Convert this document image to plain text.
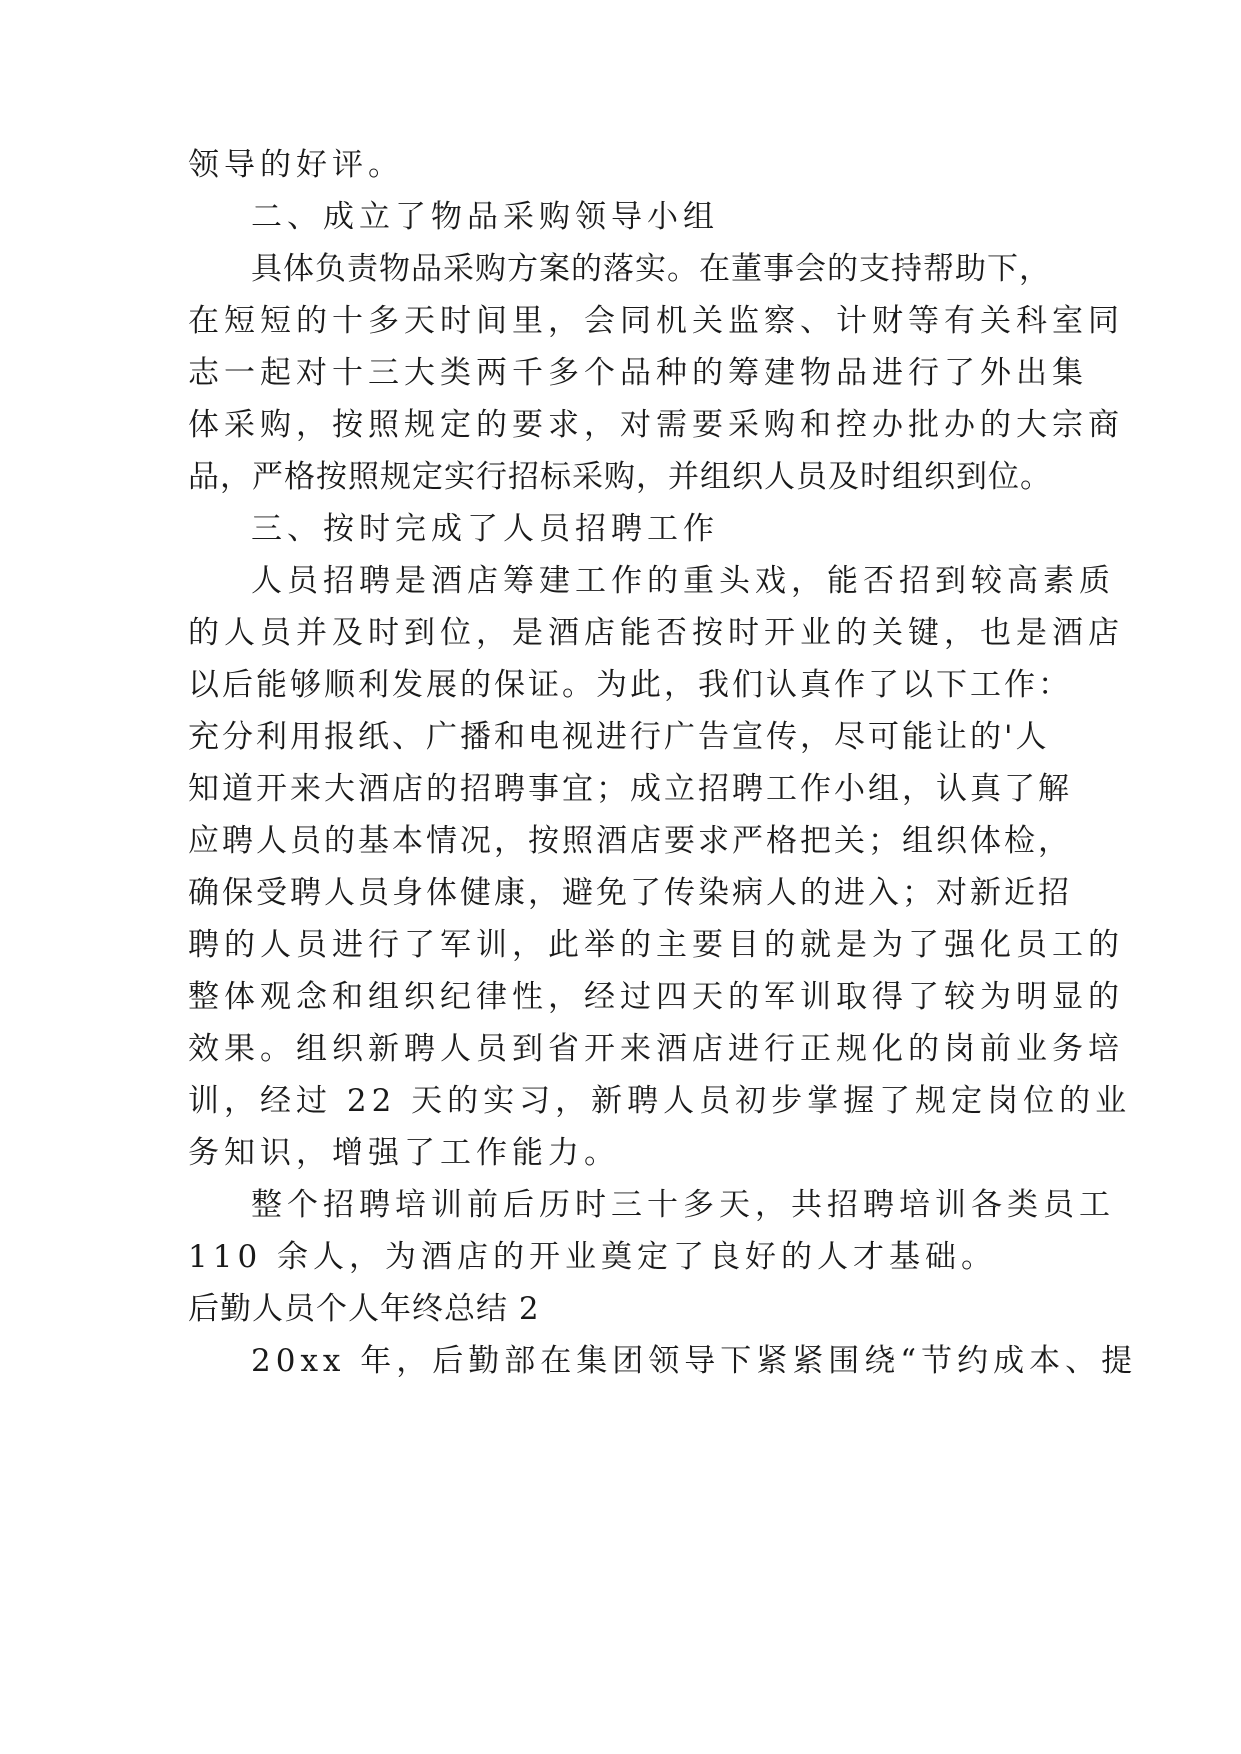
领导的好评。
二、成立了物品采购领导小组
具体负责物品采购方案的落实。在董事会的支持帮助下，
在短短的十多天时间里，会同机关监察、计财等有关科室同
志一起对十三大类两千多个品种的筹建物品进行了外出集
体采购，按照规定的要求，对需要采购和控办批办的大宗商
品，严格按照规定实行招标采购，并组织人员及时组织到位。
三、按时完成了人员招聘工作
人员招聘是酒店筹建工作的重头戏，能否招到较高素质
的人员并及时到位，是酒店能否按时开业的关键，也是酒店
以后能够顺利发展的保证。为此，我们认真作了以下工作：
充分利用报纸、广播和电视进行广告宣传，尽可能让的'人
知道开来大酒店的招聘事宜；成立招聘工作小组，认真了解
应聘人员的基本情况，按照酒店要求严格把关；组织体检，
确保受聘人员身体健康，避免了传染病人的进入；对新近招
聘的人员进行了军训，此举的主要目的就是为了强化员工的
整体观念和组织纪律性，经过四天的军训取得了较为明显的
效果。组织新聘人员到省开来酒店进行正规化的岗前业务培
训，经过 22 天的实习，新聘人员初步掌握了规定岗位的业
务知识，增强了工作能力。
整个招聘培训前后历时三十多天，共招聘培训各类员工
110 余人，为酒店的开业奠定了良好的人才基础。
后勤人员个人年终总结 2
20xx 年，后勤部在集团领导下紧紧围绕“节约成本、提
